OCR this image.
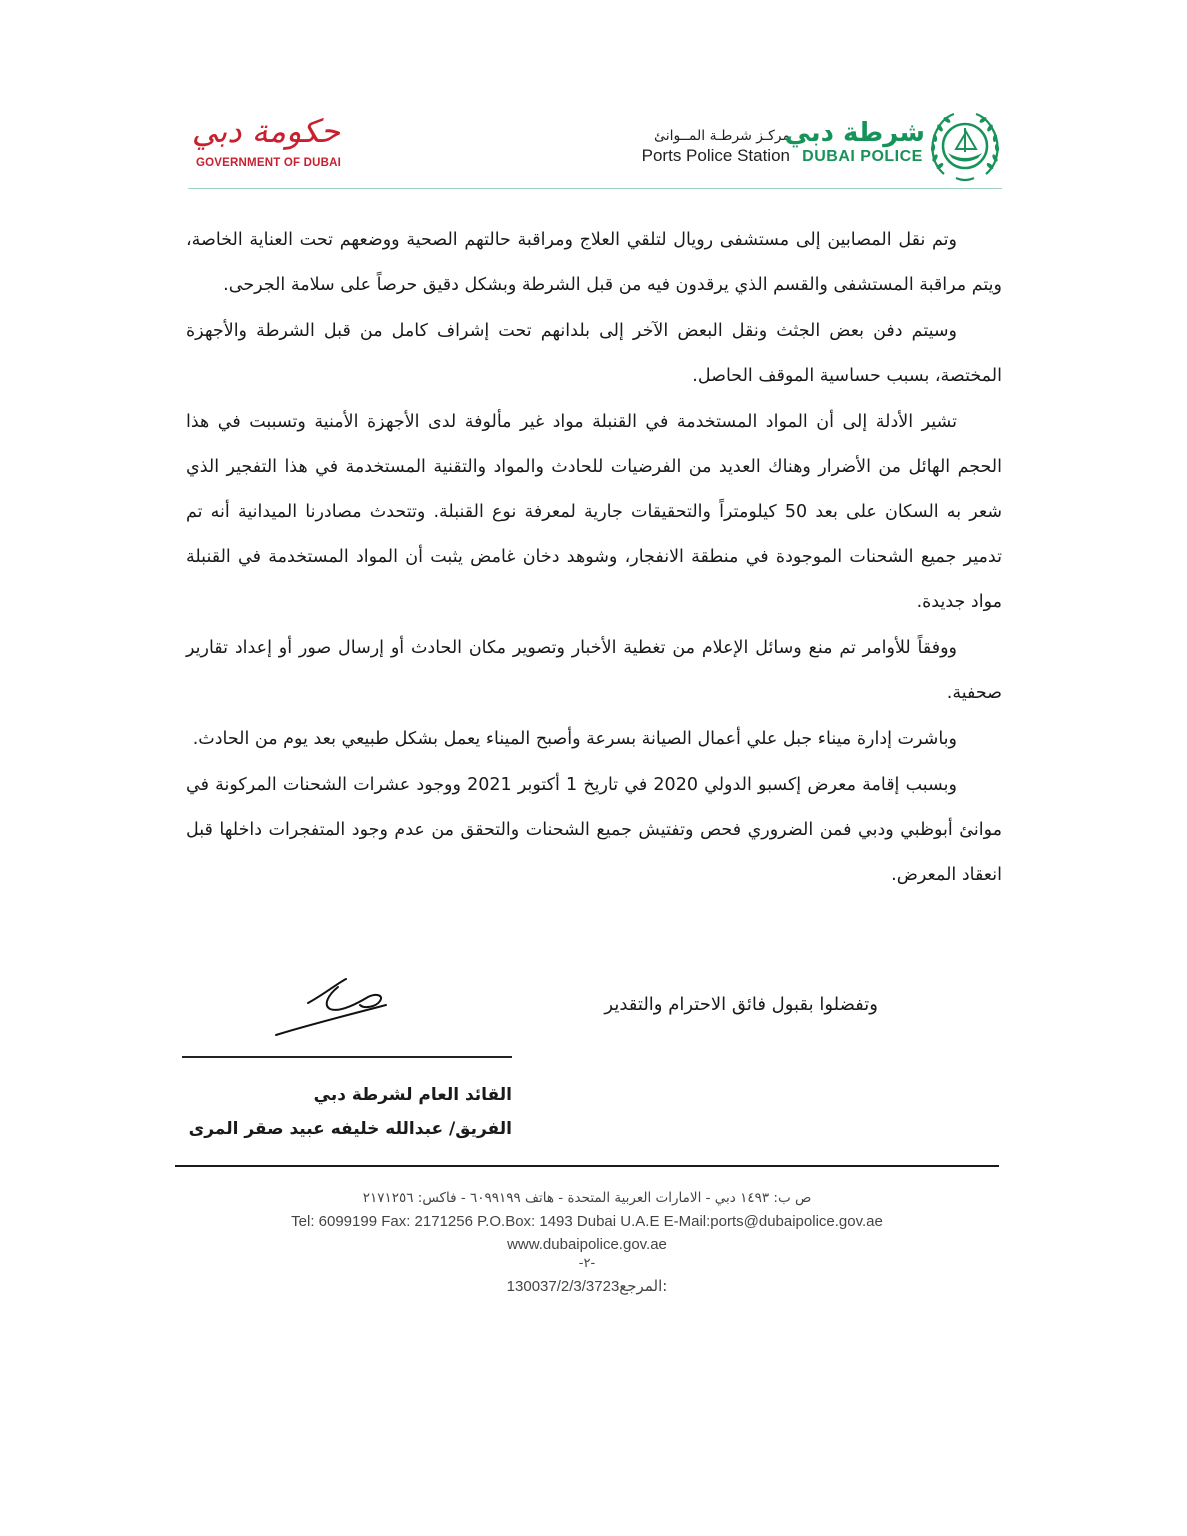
حكومة دبي
GOVERNMENT OF DUBAI
مركـز شرطـة المــوانئ
Ports Police Station
شرطة دبي
DUBAI POLICE

وتم نقل المصابين إلى مستشفى رويال لتلقي العلاج ومراقبة حالتهم الصحية ووضعهم تحت العناية الخاصة، ويتم مراقبة المستشفى والقسم الذي يرقدون فيه من قبل الشرطة وبشكل دقيق حرصاً على سلامة الجرحى.

وسيتم دفن بعض الجثث ونقل البعض الآخر إلى بلدانهم تحت إشراف كامل من قبل الشرطة والأجهزة المختصة، بسبب حساسية الموقف الحاصل.

تشير الأدلة إلى أن المواد المستخدمة في القنبلة مواد غير مألوفة لدى الأجهزة الأمنية وتسببت في هذا الحجم الهائل من الأضرار وهناك العديد من الفرضيات للحادث والمواد والتقنية المستخدمة في هذا التفجير الذي شعر به السكان على بعد 50 كيلومتراً والتحقيقات جارية لمعرفة نوع القنبلة. وتتحدث مصادرنا الميدانية أنه تم تدمير جميع الشحنات الموجودة في منطقة الانفجار، وشوهد دخان غامض يثبت أن المواد المستخدمة في القنبلة مواد جديدة.

ووفقاً للأوامر تم منع وسائل الإعلام من تغطية الأخبار وتصوير مكان الحادث أو إرسال صور أو إعداد تقارير صحفية.

وباشرت إدارة ميناء جبل علي أعمال الصيانة بسرعة وأصبح الميناء يعمل بشكل طبيعي بعد يوم من الحادث.

وبسبب إقامة معرض إكسبو الدولي 2020 في تاريخ 1 أكتوبر 2021 ووجود عشرات الشحنات المركونة في موانئ أبوظبي ودبي فمن الضروري فحص وتفتيش جميع الشحنات والتحقق من عدم وجود المتفجرات داخلها قبل انعقاد المعرض.

وتفضلوا بقبول فائق الاحترام والتقدير
القائد العام لشرطة دبي
الفريق/ عبدالله خليفه عبيد صقر المرى
ص ب: ١٤٩٣ دبي - الامارات العربية المتحدة - هاتف ٦٠٩٩١٩٩ - فاكس: ٢١٧١٢٥٦
Tel: 6099199 Fax: 2171256 P.O.Box: 1493 Dubai U.A.E E-Mail:ports@dubaipolice.gov.ae
www.dubaipolice.gov.ae
-٢-
130037/2/3/3723المرجع:
